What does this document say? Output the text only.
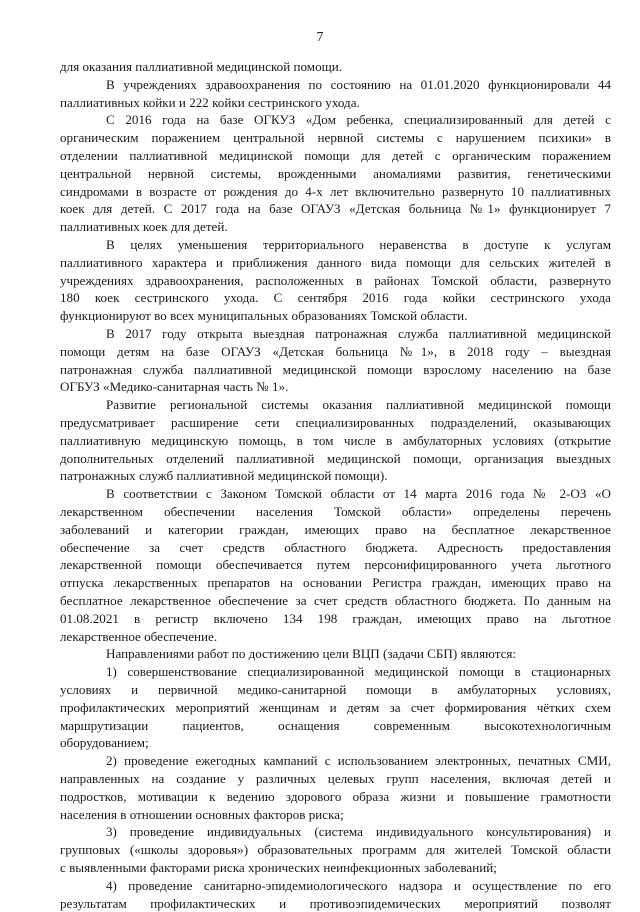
7
для оказания паллиативной медицинской помощи.
В учреждениях здравоохранения по состоянию на 01.01.2020 функционировали 44
паллиативных койки и 222 койки сестринского ухода.
С 2016 года на базе ОГКУЗ «Дом ребенка, специализированный для детей с
органическим поражением центральной нервной системы с нарушением психики» в
отделении паллиативной медицинской помощи для детей с органическим поражением
центральной нервной системы, врожденными аномалиями развития, генетическими
синдромами в возрасте от рождения до 4-х лет включительно развернуто 10 паллиативных
коек для детей. С 2017 года на базе ОГАУЗ «Детская больница №1» функционирует 7
паллиативных коек для детей.
В целях уменьшения территориального неравенства в доступе к услугам
паллиативного характера и приближения данного вида помощи для сельских жителей в
учреждениях здравоохранения, расположенных в районах Томской области, развернуто
180 коек сестринского ухода. С сентября 2016 года койки сестринского ухода
функционируют во всех муниципальных образованиях Томской области.
В 2017 году открыта выездная патронажная служба паллиативной медицинской
помощи детям на базе ОГАУЗ «Детская больница №1», в 2018 году – выездная
патронажная служба паллиативной медицинской помощи взрослому населению на базе
ОГБУЗ «Медико-санитарная часть № 1».
Развитие региональной системы оказания паллиативной медицинской помощи
предусматривает расширение сети специализированных подразделений, оказывающих
паллиативную медицинскую помощь, в том числе в амбулаторных условиях (открытие
дополнительных отделений паллиативной медицинской помощи, организация выездных
патронажных служб паллиативной медицинской помощи).
В соответствии с Законом Томской области от 14 марта 2016 года № 2-ОЗ «О
лекарственном обеспечении населения Томской области» определены перечень
заболеваний и категории граждан, имеющих право на бесплатное лекарственное
обеспечение за счет средств областного бюджета. Адресность предоставления
лекарственной помощи обеспечивается путем персонифицированного учета льготного
отпуска лекарственных препаратов на основании Регистра граждан, имеющих право на
бесплатное лекарственное обеспечение за счет средств областного бюджета. По данным на
01.08.2021 в регистр включено 134 198 граждан, имеющих право на льготное
лекарственное обеспечение.
Направлениями работ по достижению цели ВЦП (задачи СБП) являются:
1) совершенствование специализированной медицинской помощи в стационарных
условиях и первичной медико-санитарной помощи в амбулаторных условиях,
профилактических мероприятий женщинам и детям за счет формирования чётких схем
маршрутизации пациентов, оснащения современным высокотехнологичным
оборудованием;
2) проведение ежегодных кампаний с использованием электронных, печатных СМИ,
направленных на создание у различных целевых групп населения, включая детей и
подростков, мотивации к ведению здорового образа жизни и повышение грамотности
населения в отношении основных факторов риска;
3) проведение индивидуальных (система индивидуального консультирования) и
групповых («школы здоровья») образовательных программ для жителей Томской области
с выявленными факторами риска хронических неинфекционных заболеваний;
4) проведение санитарно-эпидемиологического надзора и осуществление по его
результатам профилактических и противоэпидемических мероприятий позволят
